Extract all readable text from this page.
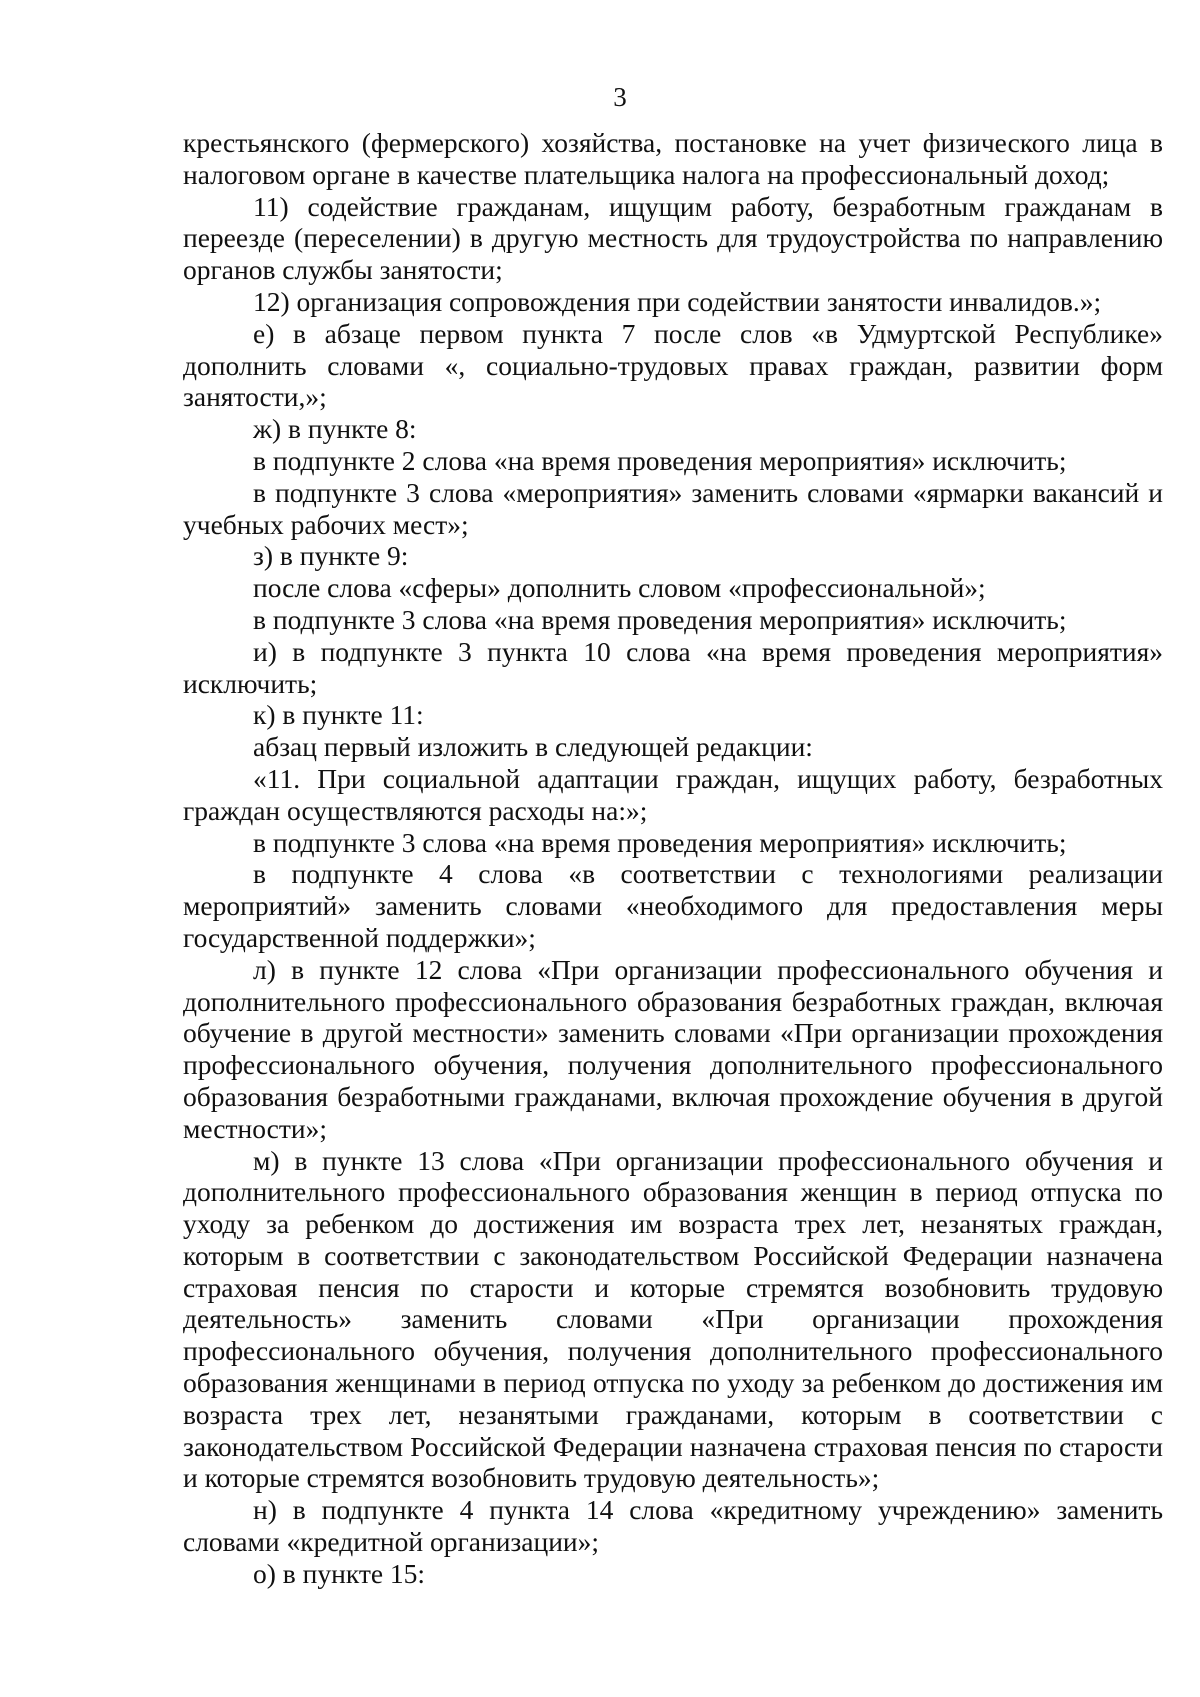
3

крестьянского (фермерского) хозяйства, постановке на учет физического лица в налоговом органе в качестве плательщика налога на профессиональный доход;

11) содействие гражданам, ищущим работу, безработным гражданам в переезде (переселении) в другую местность для трудоустройства по направлению органов службы занятости;

12) организация сопровождения при содействии занятости инвалидов.»;

е) в абзаце первом пункта 7 после слов «в Удмуртской Республике» дополнить словами «, социально-трудовых правах граждан, развитии форм занятости,»;

ж) в пункте 8:

в подпункте 2 слова «на время проведения мероприятия» исключить;

в подпункте 3 слова «мероприятия» заменить словами «ярмарки вакансий и учебных рабочих мест»;

з) в пункте 9:

после слова «сферы» дополнить словом «профессиональной»;

в подпункте 3 слова «на время проведения мероприятия» исключить;

и) в подпункте 3 пункта 10 слова «на время проведения мероприятия» исключить;

к) в пункте 11:

абзац первый изложить в следующей редакции:

«11. При социальной адаптации граждан, ищущих работу, безработных граждан осуществляются расходы на:»;

в подпункте 3 слова «на время проведения мероприятия» исключить;

в подпункте 4 слова «в соответствии с технологиями реализации мероприятий» заменить словами «необходимого для предоставления меры государственной поддержки»;

л) в пункте 12 слова «При организации профессионального обучения и дополнительного профессионального образования безработных граждан, включая обучение в другой местности» заменить словами «При организации прохождения профессионального обучения, получения дополнительного профессионального образования безработными гражданами, включая прохождение обучения в другой местности»;

м) в пункте 13 слова «При организации профессионального обучения и дополнительного профессионального образования женщин в период отпуска по уходу за ребенком до достижения им возраста трех лет, незанятых граждан, которым в соответствии с законодательством Российской Федерации назначена страховая пенсия по старости и которые стремятся возобновить трудовую деятельность» заменить словами «При организации прохождения профессионального обучения, получения дополнительного профессионального образования женщинами в период отпуска по уходу за ребенком до достижения им возраста трех лет, незанятыми гражданами, которым в соответствии с законодательством Российской Федерации назначена страховая пенсия по старости и которые стремятся возобновить трудовую деятельность»;

н) в подпункте 4 пункта 14 слова «кредитному учреждению» заменить словами «кредитной организации»;

о) в пункте 15:
